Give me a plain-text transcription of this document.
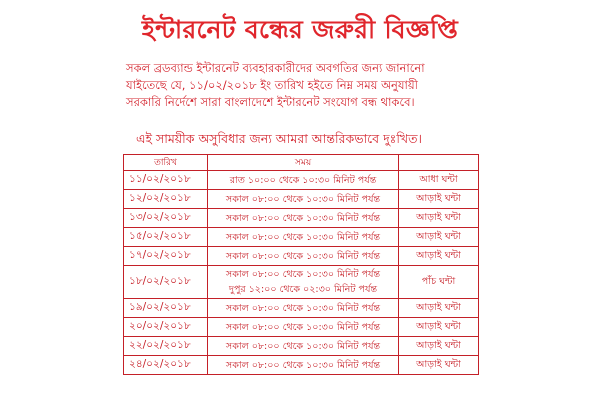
ইন্টারনেট বন্ধের জরুরী বিজ্ঞপ্তি
সকল ব্রডব্যান্ড ইন্টারনেট ব্যবহারকারীদের অবগতির জন্য জানানো
যাইতেছে যে, ১১/০২/২০১৮ ইং তারিখ হইতে নিম্ন সময় অনুযায়ী
সরকারি নির্দেশে সারা বাংলাদেশে ইন্টারনেট সংযোগ বন্ধ থাকবে।
এই সাময়ীক অসুবিধার জন্য আমরা আন্তরিকভাবে দুঃখিত।
তারিখ	সময়	
১১/০২/২০১৮	রাত ১০:০০ থেকে ১০:৩০ মিনিট পর্যন্ত	আধা ঘন্টা
১২/০২/২০১৮	সকাল ০৮:০০ থেকে ১০:৩০ মিনিট পর্যন্ত	আড়াই ঘন্টা
১৩/০২/২০১৮	সকাল ০৮:০০ থেকে ১০:৩০ মিনিট পর্যন্ত	আড়াই ঘন্টা
১৫/০২/২০১৮	সকাল ০৮:০০ থেকে ১০:৩০ মিনিট পর্যন্ত	আড়াই ঘন্টা
১৭/০২/২০১৮	সকাল ০৮:০০ থেকে ১০:৩০ মিনিট পর্যন্ত	আড়াই ঘন্টা
১৮/০২/২০১৮	সকাল ০৮:০০ থেকে ১০:৩০ মিনিট পর্যন্ত
দুপুর ১২:০০ থেকে ০২:৩০ মিনিট পর্যন্ত	পাঁচ ঘন্টা
১৯/০২/২০১৮	সকাল ০৮:০০ থেকে ১০:৩০ মিনিট পর্যন্ত	আড়াই ঘন্টা
২০/০২/২০১৮	সকাল ০৮:০০ থেকে ১০:৩০ মিনিট পর্যন্ত	আড়াই ঘন্টা
২২/০২/২০১৮	সকাল ০৮:০০ থেকে ১০:৩০ মিনিট পর্যন্ত	আড়াই ঘন্টা
২৪/০২/২০১৮	সকাল ০৮:০০ থেকে ১০:৩০ মিনিট পর্যন্ত	আড়াই ঘন্টা
